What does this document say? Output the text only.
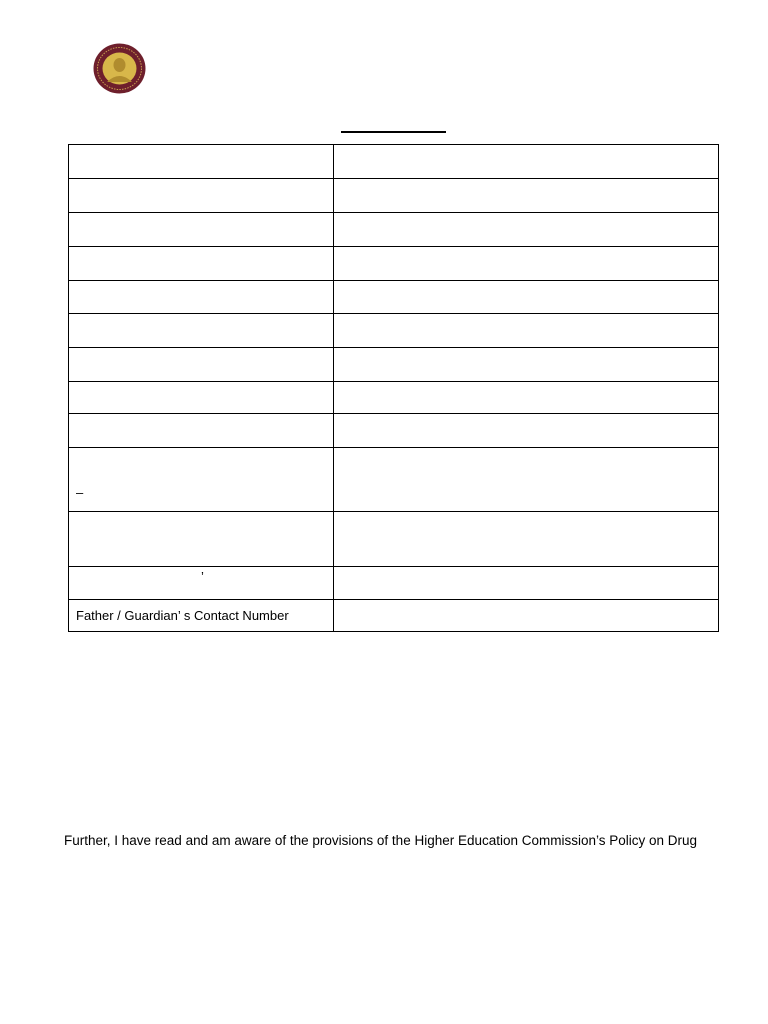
–	

’	

Father / Guardian’ s Contact Number	
Further, I have read and am aware of the provisions of the Higher Education Commission’s Policy on Drug
